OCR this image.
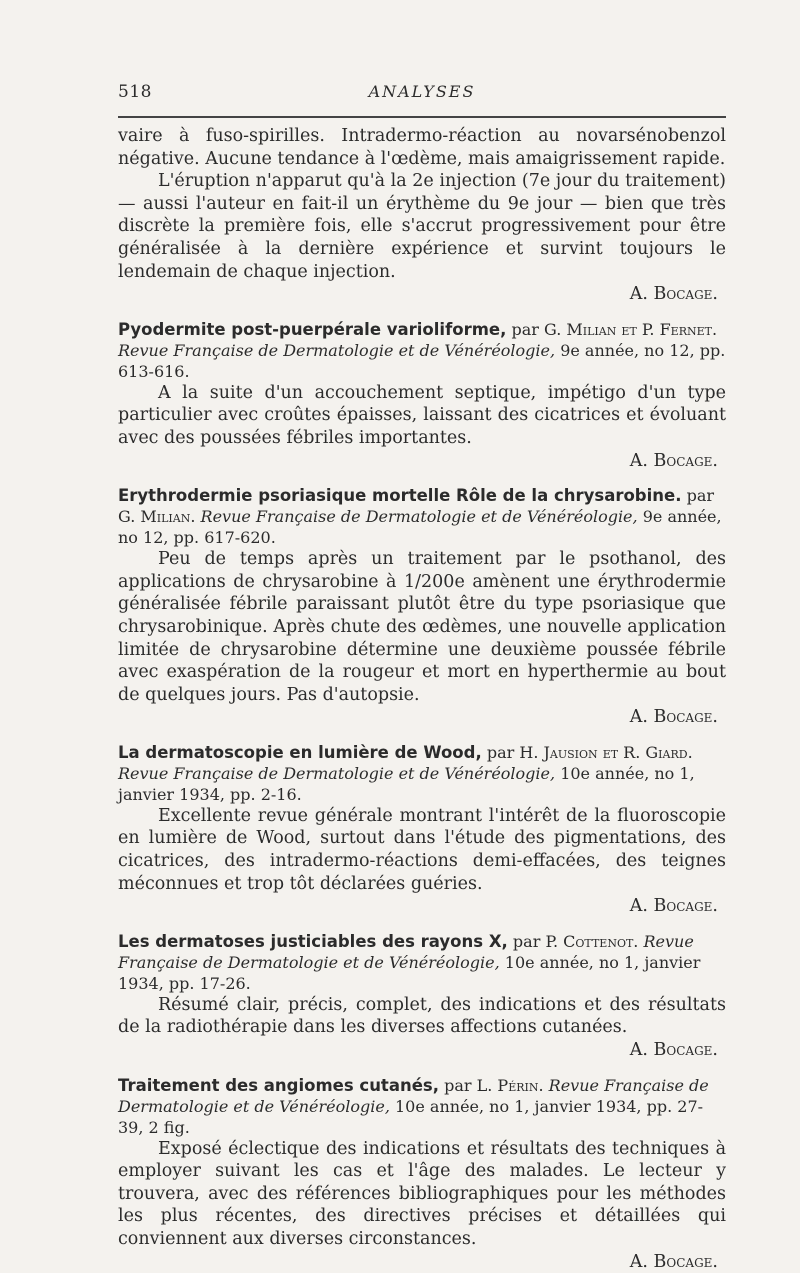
518	ANALYSES

vaire à fuso-spirilles. Intradermo-réaction au novarsénobenzol négative. Aucune tendance à l'œdème, mais amaigrissement rapide.

L'éruption n'apparut qu'à la 2e injection (7e jour du traitement) — aussi l'auteur en fait-il un érythème du 9e jour — bien que très discrète la première fois, elle s'accrut progressivement pour être généralisée à la dernière expérience et survint toujours le lendemain de chaque injection.
A. Bocage.

Pyodermite post-puerpérale varioliforme, par G. Milian et P. Fernet. Revue Française de Dermatologie et de Vénéréologie, 9e année, no 12, pp. 613-616.

A la suite d'un accouchement septique, impétigo d'un type particulier avec croûtes épaisses, laissant des cicatrices et évoluant avec des poussées fébriles importantes.
A. Bocage.

Erythrodermie psoriasique mortelle Rôle de la chrysarobine. par G. Milian. Revue Française de Dermatologie et de Vénéréologie, 9e année, no 12, pp. 617-620.

Peu de temps après un traitement par le psothanol, des applications de chrysarobine à 1/200e amènent une érythrodermie généralisée fébrile paraissant plutôt être du type psoriasique que chrysarobinique. Après chute des œdèmes, une nouvelle application limitée de chrysarobine détermine une deuxième poussée fébrile avec exaspération de la rougeur et mort en hyperthermie au bout de quelques jours. Pas d'autopsie.
A. Bocage.

La dermatoscopie en lumière de Wood, par H. Jausion et R. Giard. Revue Française de Dermatologie et de Vénéréologie, 10e année, no 1, janvier 1934, pp. 2-16.

Excellente revue générale montrant l'intérêt de la fluoroscopie en lumière de Wood, surtout dans l'étude des pigmentations, des cicatrices, des intradermo-réactions demi-effacées, des teignes méconnues et trop tôt déclarées guéries.
A. Bocage.

Les dermatoses justiciables des rayons X, par P. Cottenot. Revue Française de Dermatologie et de Vénéréologie, 10e année, no 1, janvier 1934, pp. 17-26.

Résumé clair, précis, complet, des indications et des résultats de la radiothérapie dans les diverses affections cutanées.
A. Bocage.

Traitement des angiomes cutanés, par L. Périn. Revue Française de Dermatologie et de Vénéréologie, 10e année, no 1, janvier 1934, pp. 27-39, 2 fig.

Exposé éclectique des indications et résultats des techniques à employer suivant les cas et l'âge des malades. Le lecteur y trouvera, avec des références bibliographiques pour les méthodes les plus récentes, des directives précises et détaillées qui conviennent aux diverses circonstances.
A. Bocage.
